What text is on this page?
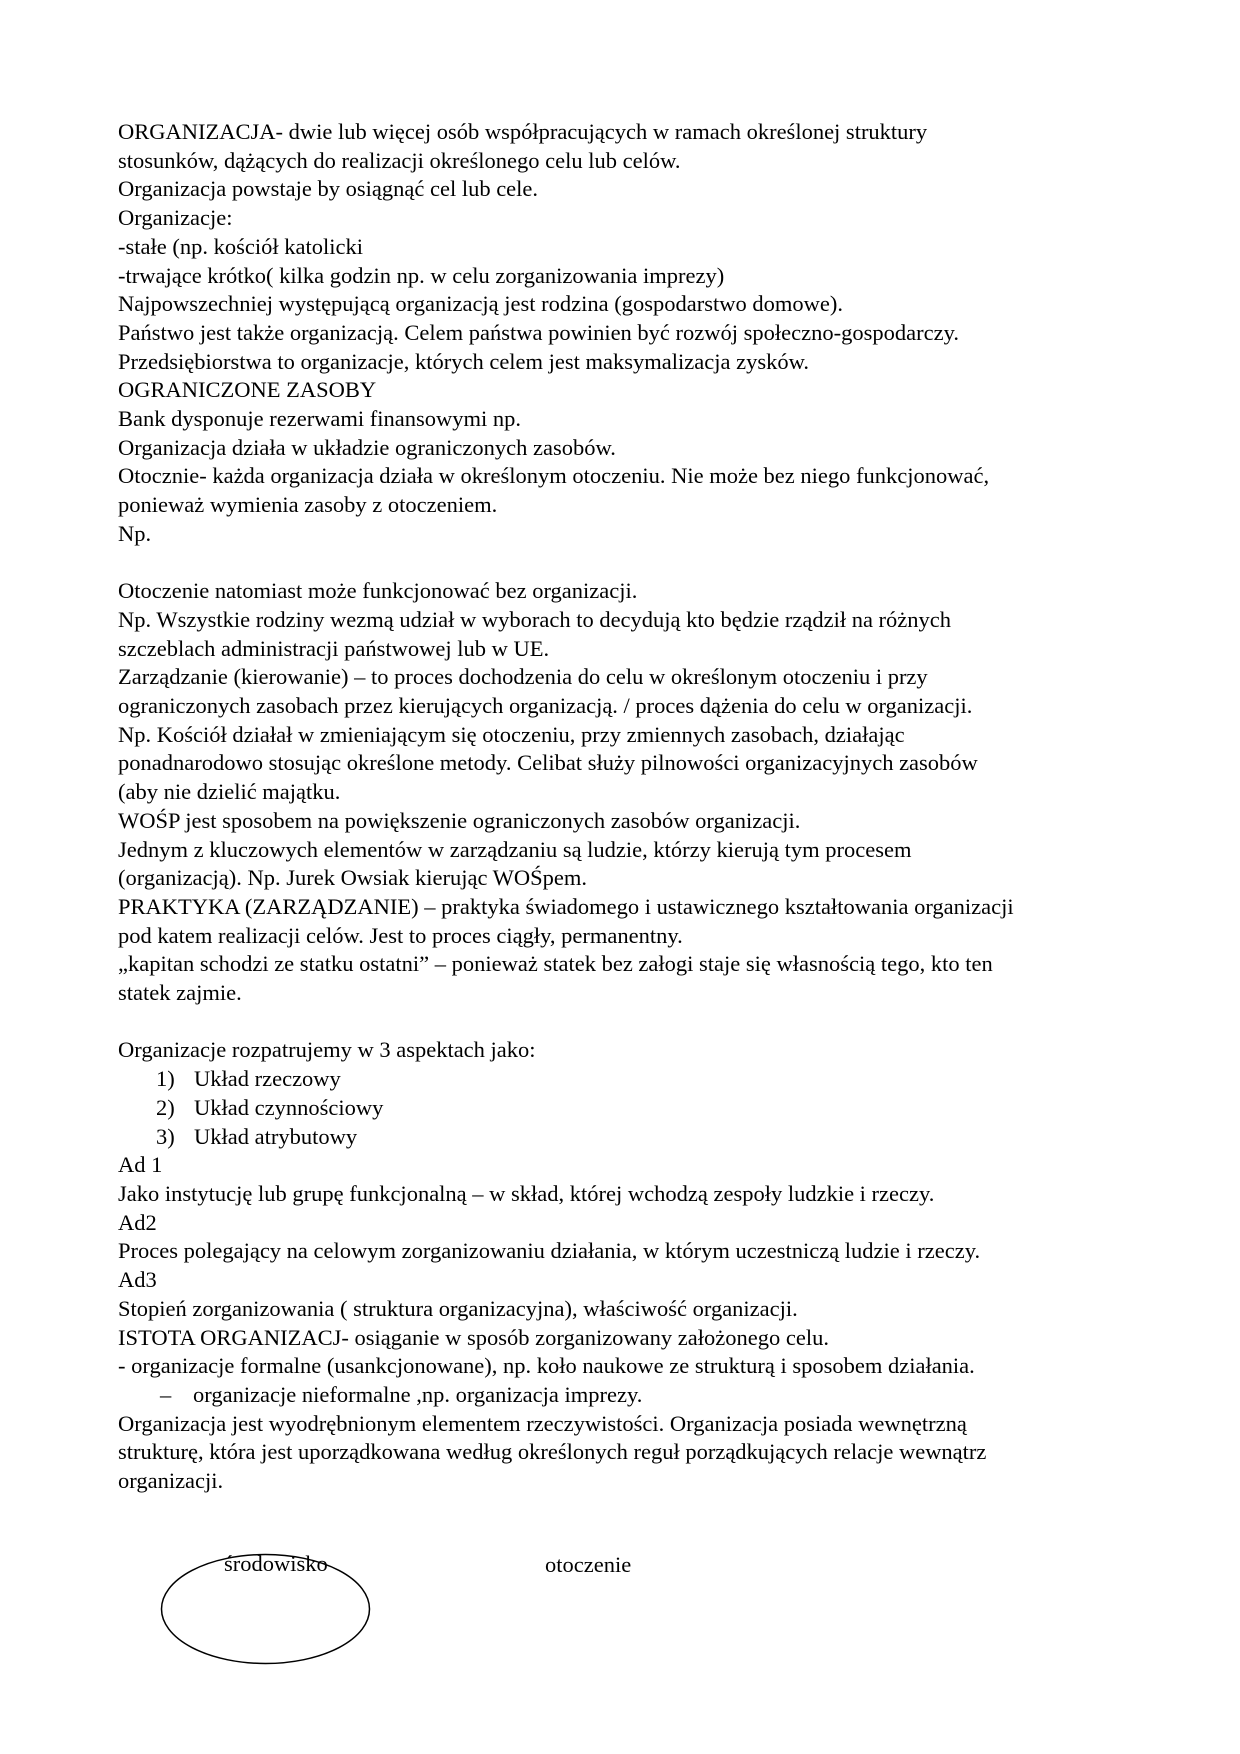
ORGANIZACJA- dwie lub więcej osób współpracujących w ramach określonej struktury
stosunków, dążących do realizacji określonego celu lub celów.
Organizacja powstaje by osiągnąć cel lub cele.
Organizacje:
-stałe (np. kościół katolicki
-trwające krótko( kilka godzin np. w celu zorganizowania imprezy)
Najpowszechniej występującą organizacją jest rodzina (gospodarstwo domowe).
Państwo jest także organizacją. Celem państwa powinien być rozwój społeczno-gospodarczy.
Przedsiębiorstwa to organizacje, których celem jest maksymalizacja zysków.
OGRANICZONE ZASOBY
Bank dysponuje rezerwami finansowymi np.
Organizacja działa w układzie ograniczonych zasobów.
Otocznie- każda organizacja działa w określonym otoczeniu. Nie może bez niego funkcjonować,
ponieważ wymienia zasoby z otoczeniem.
Np.
Otoczenie natomiast może funkcjonować bez organizacji.
Np. Wszystkie rodziny wezmą udział w wyborach to decydują kto będzie rządził na różnych
szczeblach administracji państwowej lub w UE.
Zarządzanie (kierowanie) – to proces dochodzenia do celu w określonym otoczeniu i przy
ograniczonych zasobach przez kierujących organizacją. / proces dążenia do celu w organizacji.
Np. Kościół działał w zmieniającym się otoczeniu, przy zmiennych zasobach, działając
ponadnarodowo stosując określone metody. Celibat służy pilnowości organizacyjnych zasobów
(aby nie dzielić majątku.
WOŚP jest sposobem na powiększenie ograniczonych zasobów organizacji.
Jednym z kluczowych elementów w zarządzaniu są ludzie, którzy kierują tym procesem
(organizacją). Np. Jurek Owsiak kierując WOŚpem.
PRAKTYKA (ZARZĄDZANIE) – praktyka świadomego i ustawicznego kształtowania organizacji
pod katem realizacji celów. Jest to proces ciągły, permanentny.
„kapitan schodzi ze statku ostatni” – ponieważ statek bez załogi staje się własnością tego, kto ten
statek zajmie.
Organizacje rozpatrujemy w 3 aspektach jako:
1) Układ rzeczowy
2) Układ czynnościowy
3) Układ atrybutowy
Ad 1
Jako instytucję lub grupę funkcjonalną – w skład, której wchodzą zespoły ludzkie i rzeczy.
Ad2
Proces polegający na celowym zorganizowaniu działania, w którym uczestniczą ludzie i rzeczy.
Ad3
Stopień zorganizowania ( struktura organizacyjna), właściwość organizacji.
ISTOTA ORGANIZACJ- osiąganie w sposób zorganizowany założonego celu.
- organizacje formalne (usankcjonowane), np. koło naukowe ze strukturą i sposobem działania.
– organizacje nieformalne ,np. organizacja imprezy.
Organizacja jest wyodrębnionym elementem rzeczywistości. Organizacja posiada wewnętrzną
strukturę, która jest uporządkowana według określonych reguł porządkujących relacje wewnątrz
organizacji.
środowisko	otoczenie
